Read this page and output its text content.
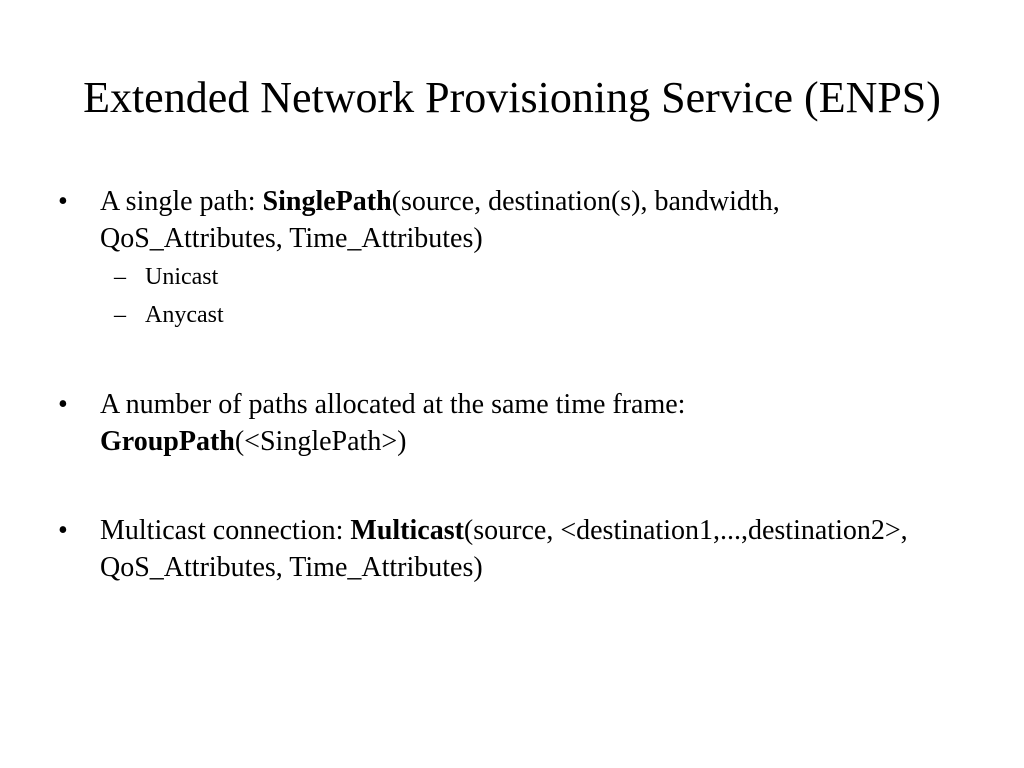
Extended Network Provisioning Service (ENPS)
•	A single path: SinglePath(source, destination(s), bandwidth, QoS_Attributes, Time_Attributes)
– Unicast
– Anycast
•	A number of paths allocated at the same time frame: GroupPath(<SinglePath>)
•	Multicast connection: Multicast(source, <destination1,...,destination2>, QoS_Attributes, Time_Attributes)
